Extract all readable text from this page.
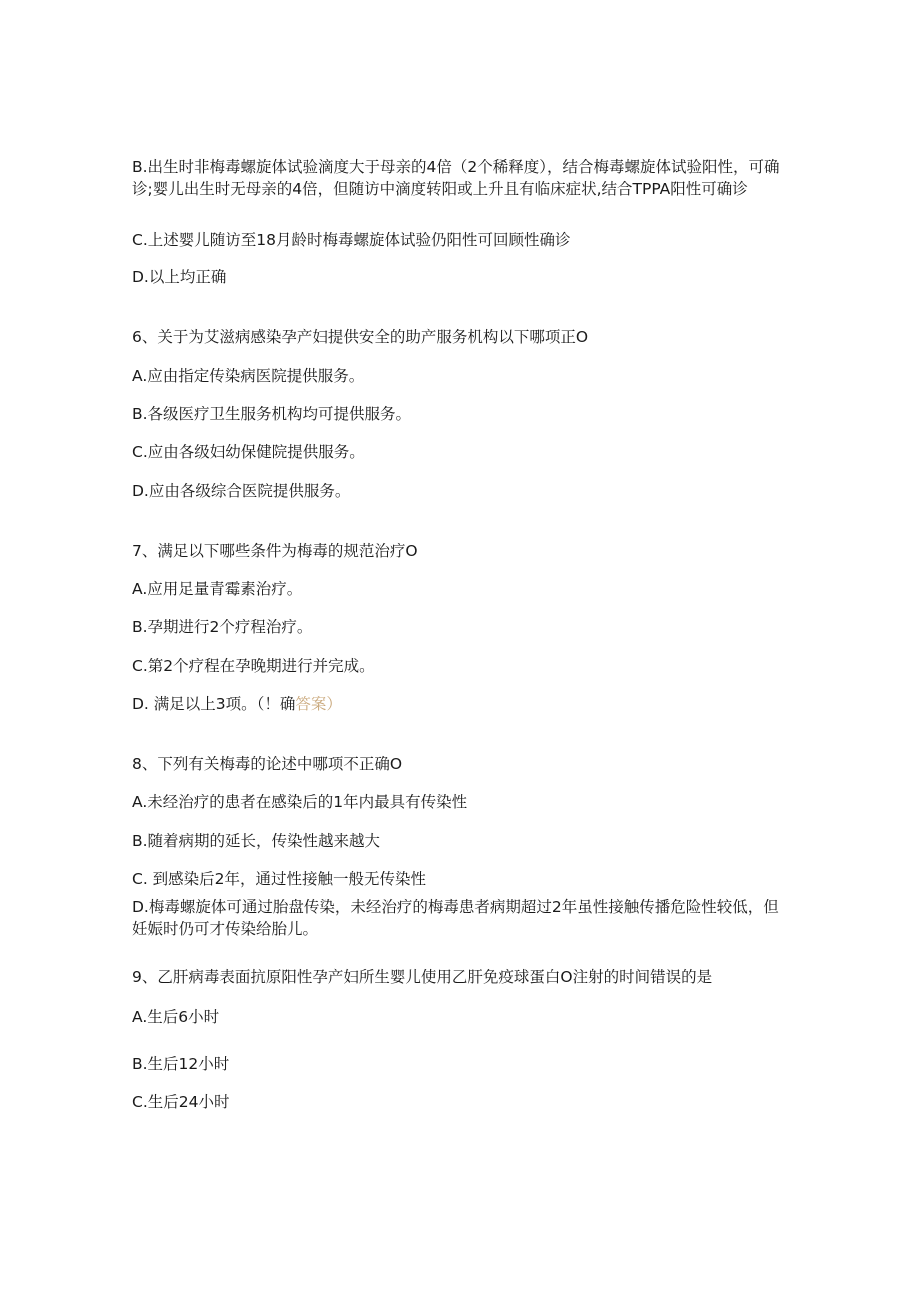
B.出生时非梅毒螺旋体试验滴度大于母亲的4倍（2个稀释度），结合梅毒螺旋体试验阳性，可确诊;婴儿出生时无母亲的4倍，但随访中滴度转阳或上升且有临床症状,结合TPPA阳性可确诊
C.上述婴儿随访至18月龄时梅毒螺旋体试验仍阳性可回顾性确诊
D.以上均正确
6、关于为艾滋病感染孕产妇提供安全的助产服务机构以下哪项正O
A.应由指定传染病医院提供服务。
B.各级医疗卫生服务机构均可提供服务。
C.应由各级妇幼保健院提供服务。
D.应由各级综合医院提供服务。
7、满足以下哪些条件为梅毒的规范治疗O
A.应用足量青霉素治疗。
B.孕期进行2个疗程治疗。
C.第2个疗程在孕晚期进行并完成。
D. 满足以上3项。（！确答案）
8、下列有关梅毒的论述中哪项不正确O
A.未经治疗的患者在感染后的1年内最具有传染性
B.随着病期的延长，传染性越来越大
C. 到感染后2年，通过性接触一般无传染性
D.梅毒螺旋体可通过胎盘传染，未经治疗的梅毒患者病期超过2年虽性接触传播危险性较低，但妊娠时仍可才传染给胎儿。
9、乙肝病毒表面抗原阳性孕产妇所生婴儿使用乙肝免疫球蛋白O注射的时间错误的是
A.生后6小时
B.生后12小时
C.生后24小时
